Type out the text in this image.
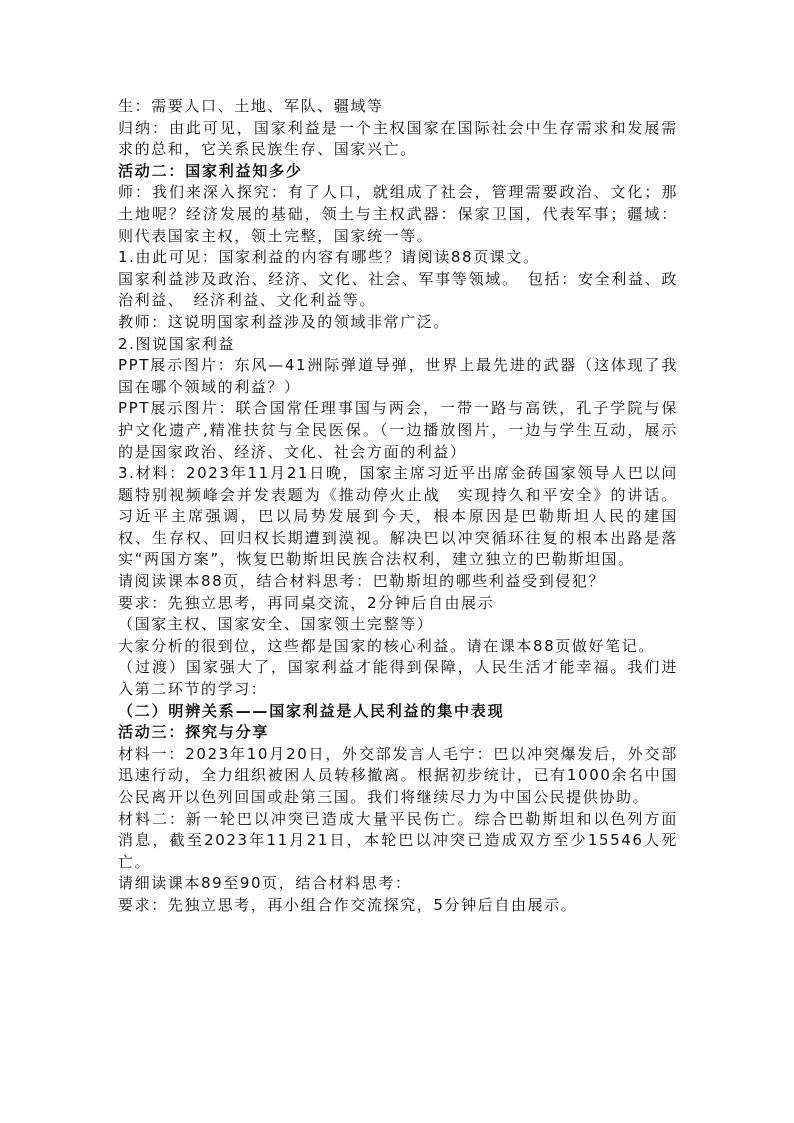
生：需要人口、土地、军队、疆域等

归纳：由此可见，国家利益是一个主权国家在国际社会中生存需求和发展需求的总和，它关系民族生存、国家兴亡。

活动二：国家利益知多少

师：我们来深入探究：有了人口，就组成了社会，管理需要政治、文化；那土地呢？经济发展的基础，领土与主权武器：保家卫国，代表军事；疆域：则代表国家主权，领土完整，国家统一等。

1.由此可见：国家利益的内容有哪些？请阅读88页课文。

国家利益涉及政治、经济、文化、社会、军事等领域。　包括：安全利益、政治利益、　经济利益、文化利益等。

教师：这说明国家利益涉及的领域非常广泛。

2.图说国家利益

PPT展示图片：东风—41洲际弹道导弹，世界上最先进的武器（这体现了我国在哪个领域的利益？）

PPT展示图片：联合国常任理事国与两会，一带一路与高铁，孔子学院与保护文化遗产,精准扶贫与全民医保。（一边播放图片，一边与学生互动，展示的是国家政治、经济、文化、社会方面的利益）

3.材料：2023年11月21日晚，国家主席习近平出席金砖国家领导人巴以问题特别视频峰会并发表题为《推动停火止战　实现持久和平安全》的讲话。习近平主席强调，巴以局势发展到今天，根本原因是巴勒斯坦人民的建国权、生存权、回归权长期遭到漠视。解决巴以冲突循环往复的根本出路是落实“两国方案”，恢复巴勒斯坦民族合法权利，建立独立的巴勒斯坦国。

请阅读课本88页，结合材料思考：巴勒斯坦的哪些利益受到侵犯？

要求：先独立思考，再同桌交流，2分钟后自由展示

（国家主权、国家安全、国家领土完整等）

大家分析的很到位，这些都是国家的核心利益。请在课本88页做好笔记。

（过渡）国家强大了，国家利益才能得到保障，人民生活才能幸福。我们进入第二环节的学习：

（二）明辨关系——国家利益是人民利益的集中表现

活动三：探究与分享

材料一：2023年10月20日，外交部发言人毛宁：巴以冲突爆发后，外交部迅速行动，全力组织被困人员转移撤离。根据初步统计，已有1000余名中国公民离开以色列回国或赴第三国。我们将继续尽力为中国公民提供协助。

材料二：新一轮巴以冲突已造成大量平民伤亡。综合巴勒斯坦和以色列方面消息，截至2023年11月21日，本轮巴以冲突已造成双方至少15546人死亡。

请细读课本89至90页，结合材料思考：

要求：先独立思考，再小组合作交流探究，5分钟后自由展示。
